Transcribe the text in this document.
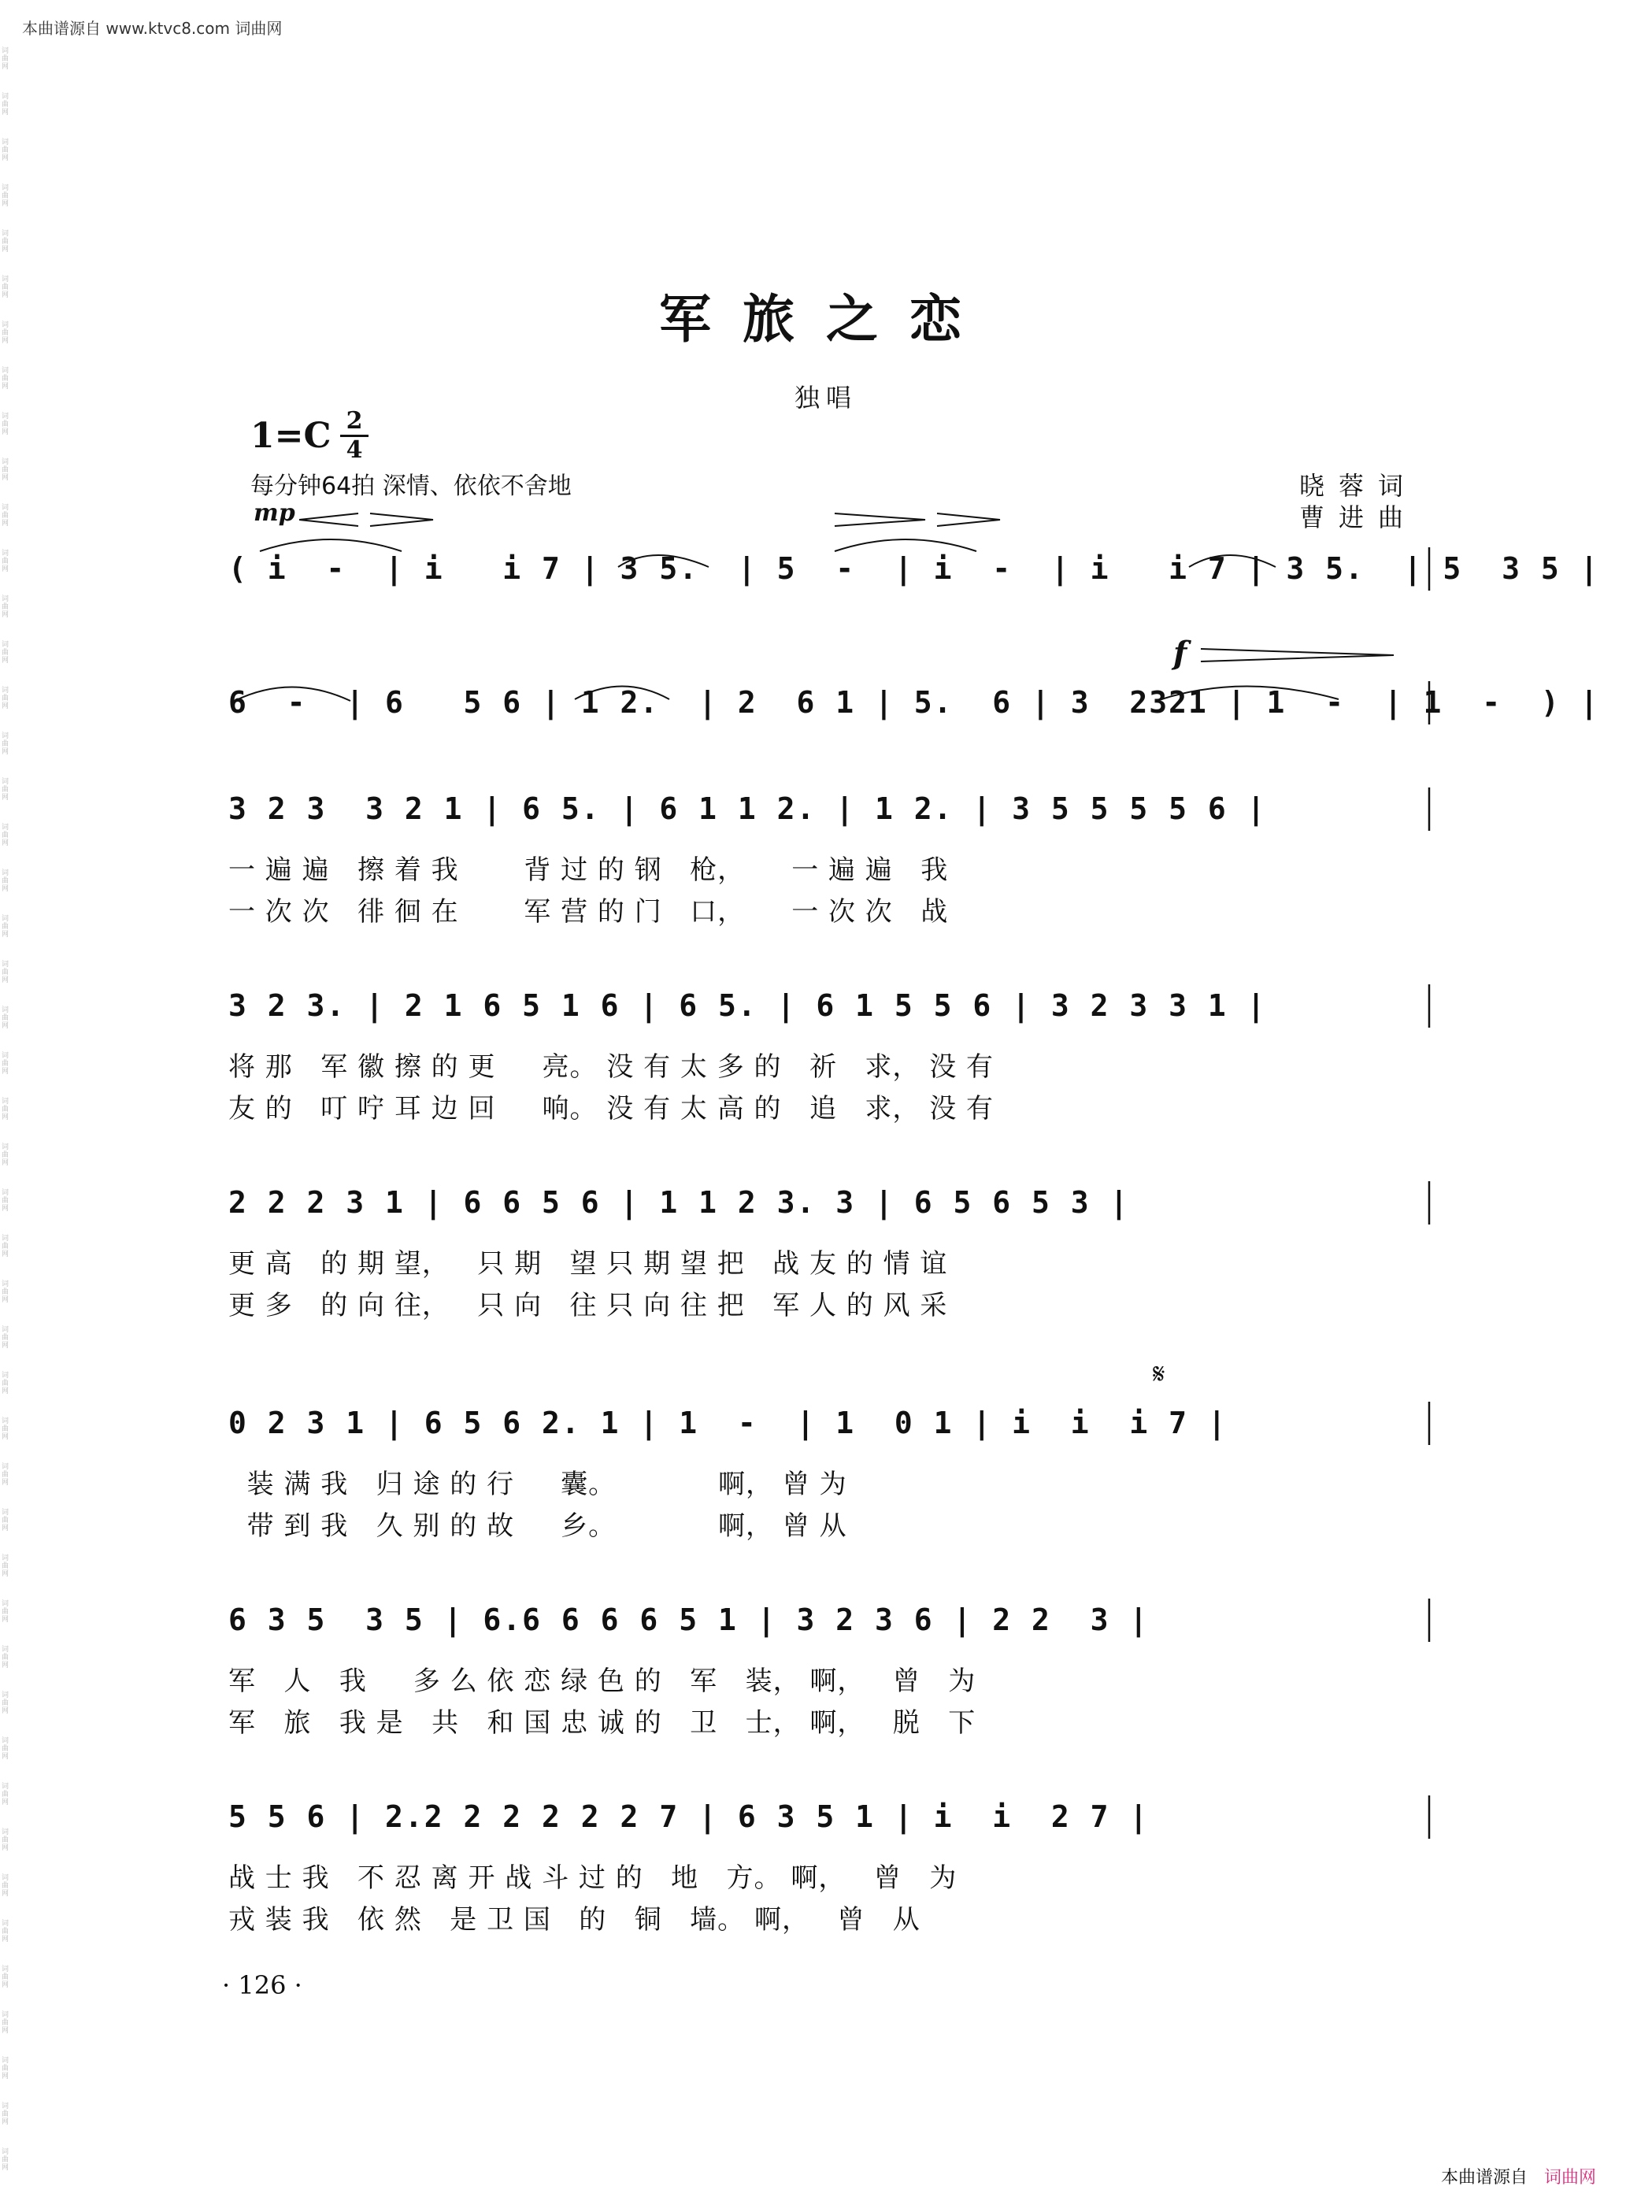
本曲谱源自 www.ktvc8.com 词曲网
词曲网
词曲网
词曲网
词曲网
词曲网
词曲网
词曲网
词曲网
词曲网
词曲网
词曲网
词曲网
词曲网
词曲网
词曲网
词曲网
词曲网
词曲网
词曲网
词曲网
词曲网
词曲网
词曲网
词曲网
词曲网
词曲网
词曲网
词曲网
词曲网
词曲网
词曲网
词曲网
词曲网
词曲网
词曲网
词曲网
词曲网
词曲网
词曲网
词曲网
词曲网
词曲网
词曲网
词曲网
词曲网
词曲网
词曲网
军旅之恋
独唱
1=C 2
4
每分钟64拍 深情、依依不舍地	晓蓉词
曹进曲
mp
f
𝄋
( i  -  | i   i 7 | 3 5.  | 5  -  | i  -  | i   i 7 | 3 5.  | 5  3 5 |
6  -  | 6   5 6 | 1 2.  | 2  6 1 | 5.  6 | 3  2321 | 1  -  | 1  -  ) |
3 2 3  3 2 1 | 6 5. | 6 1 1 2. | 1 2. | 3 5 5 5 5 6 |
一 遍 遍   擦 着 我       背 过 的 钢   枪，     一 遍 遍   我
一 次 次   徘 徊 在       军 营 的 门   口，     一 次 次   战
3 2 3. | 2 1 6 5 1 6 | 6 5. | 6 1 5 5 6 | 3 2 3 3 1 |
将 那   军 徽 擦 的 更     亮。 没 有 太 多 的   祈   求， 没 有
友 的   叮 咛 耳 边 回     响。 没 有 太 高 的   追   求， 没 有
2 2 2 3 1 | 6 6 5 6 | 1 1 2 3. 3 | 6 5 6 5 3 |
更 高   的 期 望，   只 期   望 只 期 望 把   战 友 的 情 谊
更 多   的 向 往，   只 向   往 只 向 往 把   军 人 的 风 采
0 2 3 1 | 6 5 6 2. 1 | 1  -  | 1  0 1 | i  i  i 7 |
装 满 我   归 途 的 行     囊。           啊， 曾 为
带 到 我   久 别 的 故     乡。           啊， 曾 从
6 3 5  3 5 | 6.6 6 6 6 5 1 | 3 2 3 6 | 2 2  3 |
军   人   我     多 么 依 恋 绿 色 的   军   装， 啊，   曾   为
军   旅   我 是   共   和 国 忠 诚 的   卫   士， 啊，   脱   下
5 5 6 | 2.2 2 2 2 2 2 7 | 6 3 5 1 | i  i  2 7 |
战 士 我   不 忍 离 开 战 斗 过 的   地   方。 啊，   曾   为
戎 装 我   依 然   是 卫 国   的   铜   墙。 啊，   曾   从
· 126 ·
本曲谱源自 词曲网
